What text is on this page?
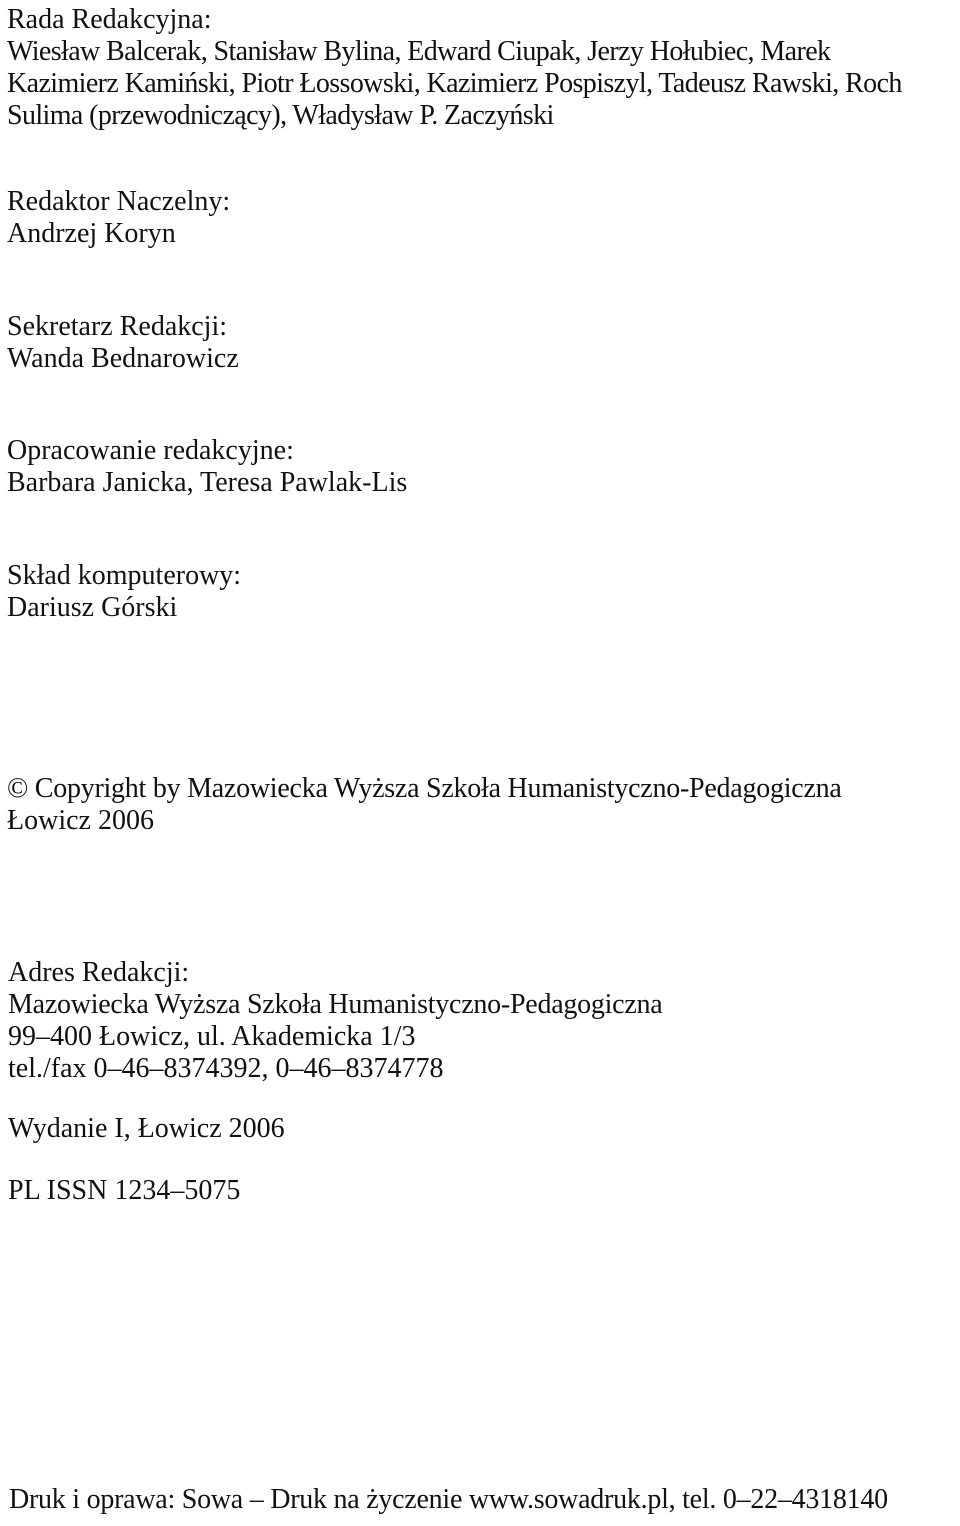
Rada Redakcyjna:
Wiesław Balcerak, Stanisław Bylina, Edward Ciupak, Jerzy Hołubiec, Marek
Kazimierz Kamiński, Piotr Łossowski, Kazimierz Pospiszyl, Tadeusz Rawski, Roch
Sulima (przewodniczący), Władysław P. Zaczyński
Redaktor Naczelny:
Andrzej Koryn
Sekretarz Redakcji:
Wanda Bednarowicz
Opracowanie redakcyjne:
Barbara Janicka, Teresa Pawlak-Lis
Skład komputerowy:
Dariusz Górski
© Copyright by Mazowiecka Wyższa Szkoła Humanistyczno-Pedagogiczna
Łowicz 2006
Adres Redakcji:
Mazowiecka Wyższa Szkoła Humanistyczno-Pedagogiczna
99–400 Łowicz, ul. Akademicka 1/3
tel./fax 0–46–8374392, 0–46–8374778
Wydanie I, Łowicz 2006
PL ISSN 1234–5075
Druk i oprawa: Sowa – Druk na życzenie www.sowadruk.pl, tel. 0–22–4318140
